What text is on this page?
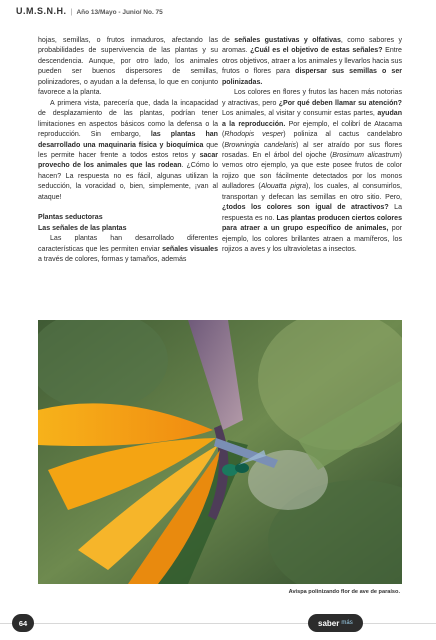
U.M.S.N.H. | Año 13/Mayo - Junio/ No. 75

hojas, semillas, o frutos inmaduros, afectando las probabilidades de supervivencia de las plantas y su descendencia. Aunque, por otro lado, los animales pueden ser buenos dispersores de semillas, polinizadores, o ayudan a la defensa, lo que en conjunto favorece a la planta.

A primera vista, parecería que, dada la incapacidad de desplazamiento de las plantas, podrían tener limitaciones en aspectos básicos como la defensa o la reproducción. Sin embargo, las plantas han desarrollado una maquinaria física y bioquímica que les permite hacer frente a todos estos retos y sacar provecho de los animales que las rodean. ¿Cómo lo hacen? La respuesta no es fácil, algunas utilizan la seducción, la voracidad o, bien, simplemente, ¡van al ataque!

Plantas seductoras

Las señales de las plantas

Las plantas han desarrollado diferentes características que les permiten enviar señales visuales a través de colores, formas y tamaños, además

de señales gustativas y olfativas, como sabores y aromas. ¿Cuál es el objetivo de estas señales? Entre otros objetivos, atraer a los animales y llevarlos hacia sus frutos o flores para dispersar sus semillas o ser polinizadas.

Los colores en flores y frutos las hacen más notorias y atractivas, pero ¿Por qué deben llamar su atención? Los animales, al visitar y consumir estas partes, ayudan a la reproducción. Por ejemplo, el colibrí de Atacama (Rhodopis vesper) poliniza al cactus candelabro (Browningia candelaris) al ser atraído por sus flores rosadas. En el árbol del ojoche (Brosimum alicastrum) vemos otro ejemplo, ya que este posee frutos de color rojizo que son fácilmente detectados por los monos aulladores (Alouatta pigra), los cuales, al consumirlos, transportan y defecan las semillas en otro sitio. Pero, ¿todos los colores son igual de atractivos? La respuesta es no. Las plantas producen ciertos colores para atraer a un grupo específico de animales, por ejemplo, los colores brillantes atraen a mamíferos, los rojizos a aves y los ultravioletas a insectos.

Avispa polinizando flor de ave de paraíso.
64	saber más
